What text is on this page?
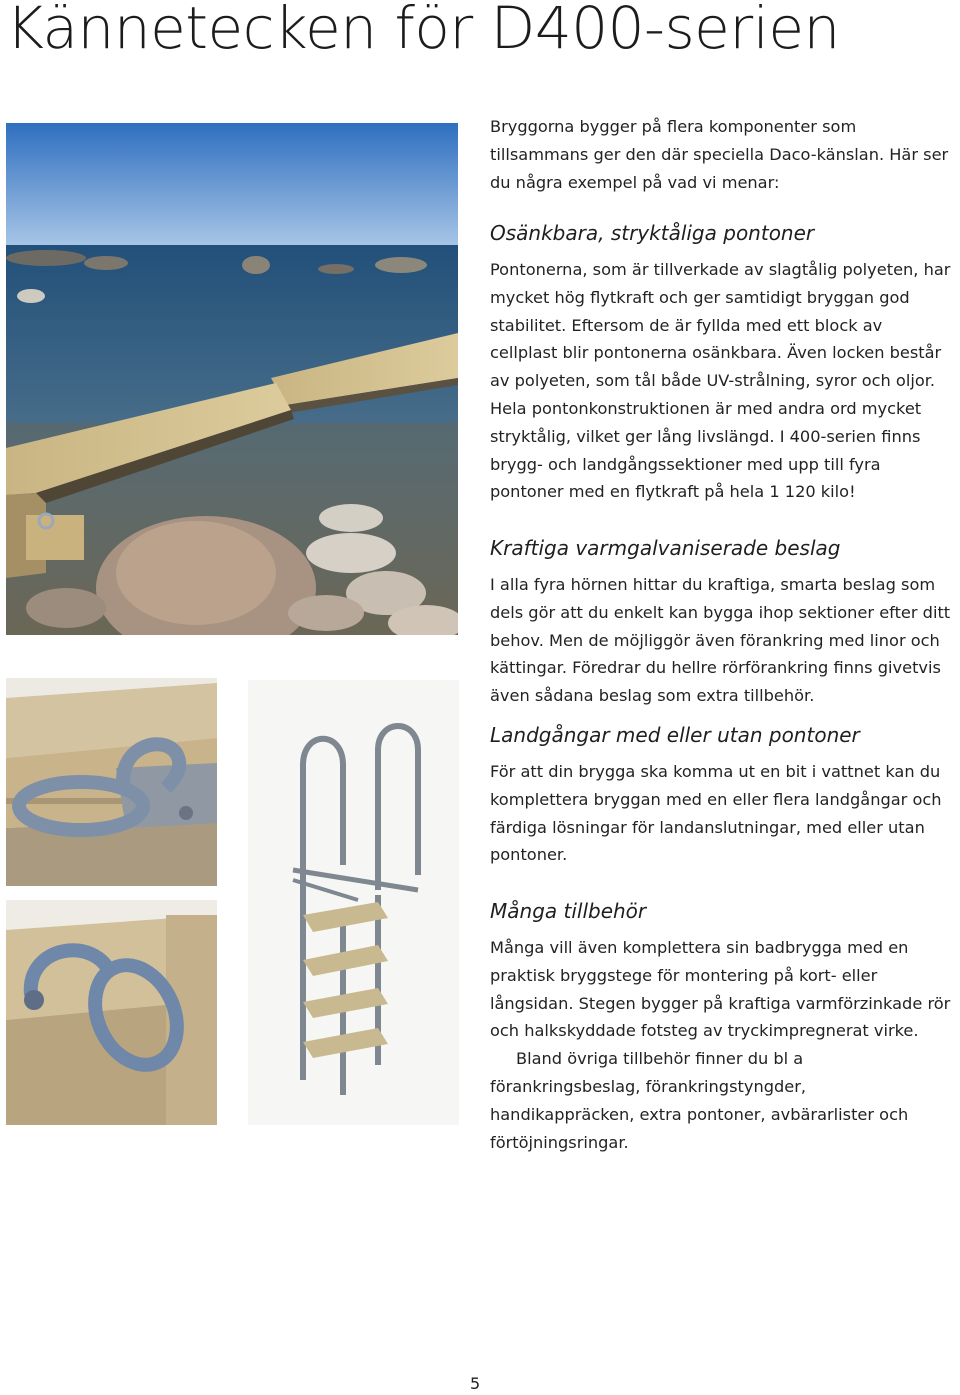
Kännetecken för D400-serien

Bryggorna bygger på flera komponenter som tillsammans ger den där speciella Daco-känslan. Här ser du några exempel på vad vi menar:

Osänkbara, stryktåliga pontoner

Pontonerna, som är tillverkade av slagtålig polyeten, har mycket hög flytkraft och ger samtidigt bryggan god stabilitet. Eftersom de är fyllda med ett block av cellplast blir pontonerna osänkbara. Även locken består av polyeten, som tål både UV-strålning, syror och oljor. Hela pontonkonstruktionen är med andra ord mycket stryktålig, vilket ger lång livslängd. I 400-serien finns brygg- och landgångssektioner med upp till fyra pontoner med en flytkraft på hela 1 120 kilo!

Kraftiga varmgalvaniserade beslag

I alla fyra hörnen hittar du kraftiga, smarta beslag som dels gör att du enkelt kan bygga ihop sektioner efter ditt behov. Men de möjliggör även förankring med linor och kättingar. Föredrar du hellre rörförankring finns givetvis även sådana beslag som extra tillbehör.

Landgångar med eller utan pontoner

För att din brygga ska komma ut en bit i vattnet kan du komplettera bryggan med en eller flera landgångar och färdiga lösningar för landanslutningar, med eller utan pontoner.

Många tillbehör

Många vill även komplettera sin badbrygga med en praktisk bryggstege för montering på kort- eller långsidan. Stegen bygger på kraftiga varmförzinkade rör och halkskyddade fotsteg av tryckimpregnerat virke.

Bland övriga tillbehör finner du bl a förankringsbeslag, förankringstyngder, handikappräcken, extra pontoner, avbärarlister och förtöjningsringar.

5
